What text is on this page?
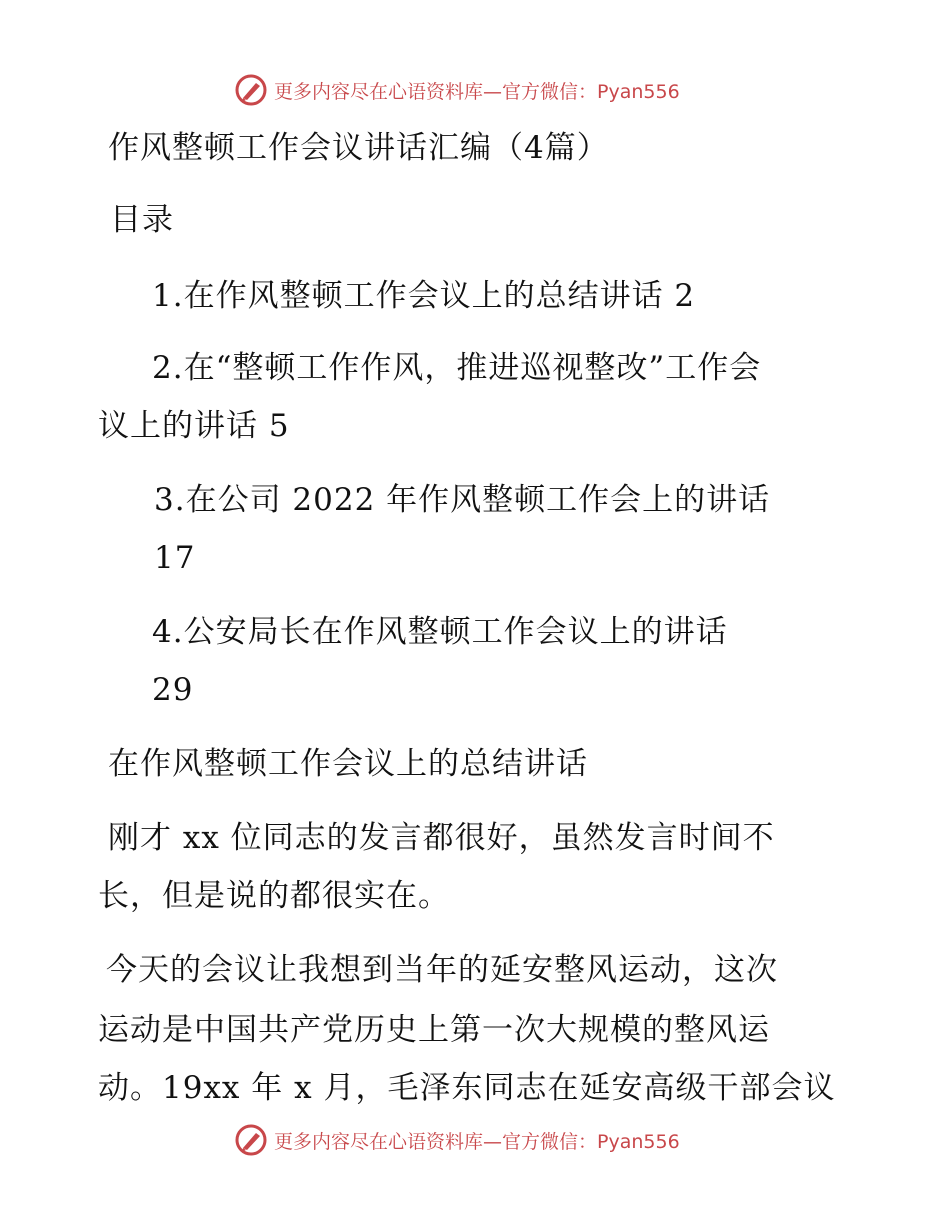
更多内容尽在心语资料库—官方微信：Pyan556
作风整顿工作会议讲话汇编（4篇）
目录
1.在作风整顿工作会议上的总结讲话 2
2.在“整顿工作作风，推进巡视整改”工作会
议上的讲话 5
3.在公司 2022 年作风整顿工作会上的讲话
17
4.公安局长在作风整顿工作会议上的讲话
29
在作风整顿工作会议上的总结讲话
刚才 xx 位同志的发言都很好，虽然发言时间不
长，但是说的都很实在。
今天的会议让我想到当年的延安整风运动，这次
运动是中国共产党历史上第一次大规模的整风运
动。19xx 年 x 月，毛泽东同志在延安高级干部会议
更多内容尽在心语资料库—官方微信：Pyan556
